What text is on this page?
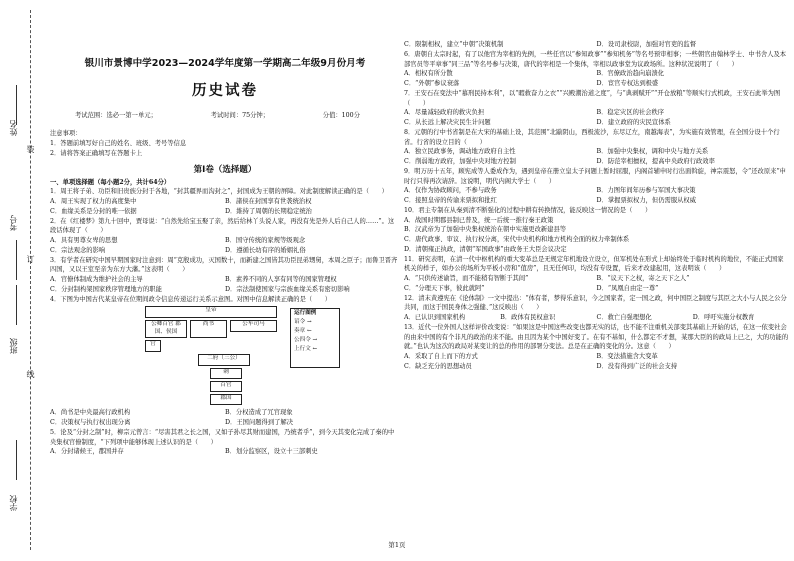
装
订
线
姓名
考号
班级
学校
银川市景博中学2023—2024学年度第一学期高二年级9月份月考
历史试卷
考试范围：选必一第一单元；	考试时间：75分钟；	分值：100分
注意事项：
1．答题前填写好自己的姓名、班级、考号等信息
2．请将答案正确填写在答题卡上
第I卷（选择题）
一、单项选择题（每小题2分，共计64分）
1．周王将子弟、功臣和旧贵族分封于各地，“封其疆界而沟封之”，封国成为王朝的屏障。对此制度解读正确的是（　　）
A．周王实现了权力的高度集中	B．諸侯在封国享有世袭统治权
C．血缘关系是分封的唯一依据	D．維持了周朝的长期稳定统治
2．在《红楼梦》第九十回中，贾母说：“自然先给宝玉娶了亲，然后给林丫头说人家，再没有先是外人后自己人的……”。这段话体现了（　　）
A．具有男尊女卑的思想	B．国守传统的家规等级观念
C．宗法观念的影响	D．遵循长幼有序的婚姻礼俗
3．有学者在研究中国早期国家时注意到：周“克殷成功，灭国数十，而新建之国皆其功臣昆弟甥舅，本周之臣子；而鲁卫晋齐四国，又以王室至亲为东方大藩。”这表明（　　）
A．官僚体制成为维护社会的主导	B．素养不同的人享有同等的国家管理权
C．分封制构架国家秩序管理地方的职能	D．宗法制使国家与宗族血缘关系有密切影响
4．下图为中国古代某皇帝在位期间政令信息传递运行关系示意图。对图中信息解读正确的是（　　）
皇帝
公卿百官 郡国、侯国
尚书	公车司马
官
二府（三公）
刺
百官
郡国
运行图例
诏令 →
奏章 ←
公四令 →
上行文 ←
A．尚书是中央最高行政机构	B．分权造成了冗官现象
C．决策权与执行权出现分离	D．王国问题得到了解决
5．论及“分封之制”时，柳宗元曾言：“尽害其君之长之国，又如子孙尽其财而建国，乃统者乎”，到今天其变化完成了秦的中央集权官僚制度，“下列项中能够体现上述认识的是（　　）
A．分封诸候王，郡国并存	B．划分监察区，设立十三部刺史
C．限制相权，建立“中朝”决策机制	D．设司隶校尉，加强对官吏的监督
6．唐朝自太宗时起，有了以他官为宰相的先例，一些任官以“参知政事”“参知机务”等名号预审相事；一些朝官由翰林学士、中书舍人及本部官员等平章事“同三品”等名号参与决策，唐代的宰相是一个集体，宰相以政事堂为议政场所。这种状况说明了（　　）
A．相权有所分散	B．官僚政治趋向崩溃化
C．“外朝”参议衰落	D．宦官专权达到极盛
7．王安石在变法中“慕刑民持本利”，以“暇救奋力之衣”“兴殿潮治道之度”，与“典剥赋开”“开仓放粮”等顺实行式机政，王安石此举为图（　　）
A．尽量减轻政府的救灾负担	B．稳定灾区的社会秩序
C．从长远上解决灾民生计问题	D．建立政府的灾民宣体系
8．元朝的行中书省制是在大宋的基础上设，其范围“北踰阴山，西极流沙，东尽辽左，南越海表”，为实施有效管理，在全国分设十个行省。行省的设立目的（　　）
A．独立民政事务，调动地方政府自主性	B．加强中央集权，调和中央与地方关系
C．削弱地方政府，加强中央对地方控制	D．防范宰相擅权，提高中央政府行政效率
9．明万历十五年，顾宪成等人委成作为，遇到皇帝在册立皇太子问题上暂时屈服，内阁首辅申时行出面斡旋，神宗震怒，令“还改原来”申时行只得再次请辞。这说明，明代内阁大学士（　　）
A．仅作为协政顾问，不参与政务	B．力图年间年历参与军国大事决策
C．接照皇帝的传谕来票拟和批红	D．掌握票拟权力，但仍需服从权威
10．君主专制在从秦到清不断强化的过程中耕有转换情况，能反映这一情况的是（　　）
A．战国时期郡县制已普及，统一后统一推行秦王政策
B．汉武帝为了加强中央集权统治在朝中实施更改新建县等
C．唐代政事、审议、执行权分离，宋代中央机构和地方机构全面的权力牵制体系
D．清朝雍正执政，清朝“军国政事”由政务王大臣会议决定
11．研究表明，在清一代中枢机构的重大变革总是无规定年机地设立设立，但军机处在形式上却始终处于临时机构的地位，不能正式国家机关的样子，如办公的场所为平板小房和“值房”，且无任何印，均没有专设置，后来才改建起用，这表明该（　　）
A．“只供传述谕旨，而不能稍有智断于其间”	B．“议天下之权，寄之天下之人”
C．“分理天下事，彼此就阿”	D．“凤凰自由定一尊”
12．清末黄遵宪在《论体制》一文中提出：“体有者，梦得乐意识，今之国家者，定一国之政，何中国臣之制度与其臣之大小与人民之公分共同，而这于国民身体之强健、”这反映出（　　）
A．已认识到国家机构	B．政体有民权意识	C．救亡自强理想化	D．呼吁实施分权教育
13．近代一位外国人这样评价改变说：“如果这是中国这些改变也都无实的话，也不能不注重机关部变其基础上开始的话，在这一依变社会的由来中国的有个非凡的政治的来不能。由且因为某个中国好变了。在有不基如，什么都定不才想，某那大臣的的政局上已之，大的功能的就。”也认为这次的政局对某变让的总的作用的部署分变法。总是在正确的变化的分。这意（　　）
A．采取了自上而下的方式	B．变法措施含大变革
C．缺乏充分的思想动员	D．没有得到广泛的社会支持
第1页
